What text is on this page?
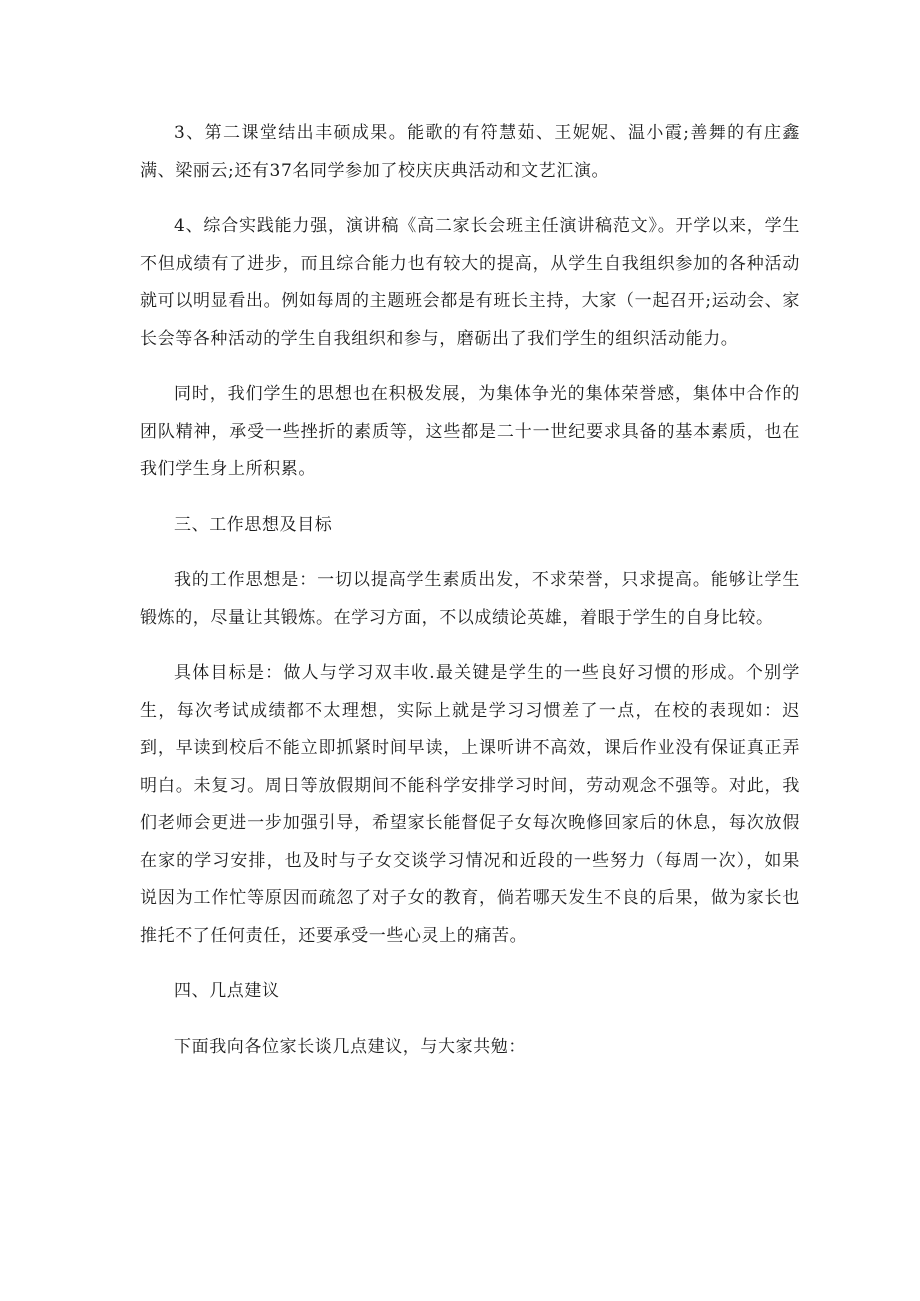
3、第二课堂结出丰硕成果。能歌的有符慧茹、王妮妮、温小霞;善舞的有庄鑫满、梁丽云;还有37名同学参加了校庆庆典活动和文艺汇演。

4、综合实践能力强，演讲稿《高二家长会班主任演讲稿范文》。开学以来，学生不但成绩有了进步，而且综合能力也有较大的提高，从学生自我组织参加的各种活动就可以明显看出。例如每周的主题班会都是有班长主持，大家（一起召开;运动会、家长会等各种活动的学生自我组织和参与，磨砺出了我们学生的组织活动能力。

同时，我们学生的思想也在积极发展，为集体争光的集体荣誉感，集体中合作的团队精神，承受一些挫折的素质等，这些都是二十一世纪要求具备的基本素质，也在我们学生身上所积累。

三、工作思想及目标

我的工作思想是：一切以提高学生素质出发，不求荣誉，只求提高。能够让学生锻炼的，尽量让其锻炼。在学习方面，不以成绩论英雄，着眼于学生的自身比较。

具体目标是：做人与学习双丰收.最关键是学生的一些良好习惯的形成。个别学生，每次考试成绩都不太理想，实际上就是学习习惯差了一点，在校的表现如：迟到，早读到校后不能立即抓紧时间早读，上课听讲不高效，课后作业没有保证真正弄明白。未复习。周日等放假期间不能科学安排学习时间，劳动观念不强等。对此，我们老师会更进一步加强引导，希望家长能督促子女每次晚修回家后的休息，每次放假在家的学习安排，也及时与子女交谈学习情况和近段的一些努力（每周一次），如果说因为工作忙等原因而疏忽了对子女的教育，倘若哪天发生不良的后果，做为家长也推托不了任何责任，还要承受一些心灵上的痛苦。

四、几点建议

下面我向各位家长谈几点建议，与大家共勉：
